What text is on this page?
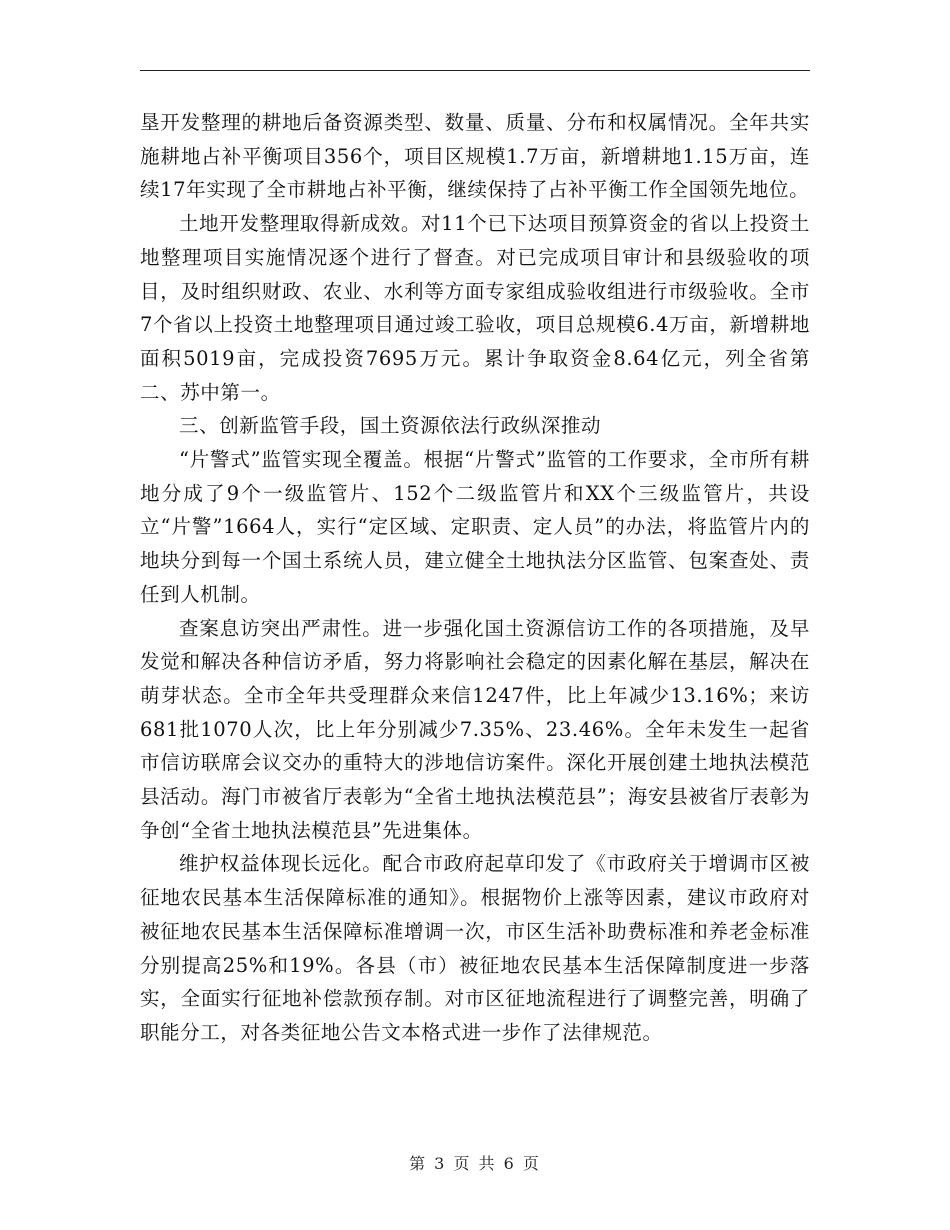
垦开发整理的耕地后备资源类型、数量、质量、分布和权属情况。全年共实施耕地占补平衡项目356个，项目区规模1.7万亩，新增耕地1.15万亩，连续17年实现了全市耕地占补平衡，继续保持了占补平衡工作全国领先地位。

土地开发整理取得新成效。对11个已下达项目预算资金的省以上投资土地整理项目实施情况逐个进行了督查。对已完成项目审计和县级验收的项目，及时组织财政、农业、水利等方面专家组成验收组进行市级验收。全市7个省以上投资土地整理项目通过竣工验收，项目总规模6.4万亩，新增耕地面积5019亩，完成投资7695万元。累计争取资金8.64亿元，列全省第二、苏中第一。

三、创新监管手段，国土资源依法行政纵深推动

“片警式”监管实现全覆盖。根据“片警式”监管的工作要求，全市所有耕地分成了9个一级监管片、152个二级监管片和XX个三级监管片，共设立“片警”1664人，实行“定区域、定职责、定人员”的办法，将监管片内的地块分到每一个国土系统人员，建立健全土地执法分区监管、包案查处、责任到人机制。

查案息访突出严肃性。进一步强化国土资源信访工作的各项措施，及早发觉和解决各种信访矛盾，努力将影响社会稳定的因素化解在基层，解决在萌芽状态。全市全年共受理群众来信1247件，比上年减少13.16%；来访681批1070人次，比上年分别减少7.35%、23.46%。全年未发生一起省市信访联席会议交办的重特大的涉地信访案件。深化开展创建土地执法模范县活动。海门市被省厅表彰为“全省土地执法模范县”；海安县被省厅表彰为争创“全省土地执法模范县”先进集体。

维护权益体现长远化。配合市政府起草印发了《市政府关于增调市区被征地农民基本生活保障标准的通知》。根据物价上涨等因素，建议市政府对被征地农民基本生活保障标准增调一次，市区生活补助费标准和养老金标准分别提高25%和19%。各县（市）被征地农民基本生活保障制度进一步落实，全面实行征地补偿款预存制。对市区征地流程进行了调整完善，明确了职能分工，对各类征地公告文本格式进一步作了法律规范。

第 3 页 共 6 页
